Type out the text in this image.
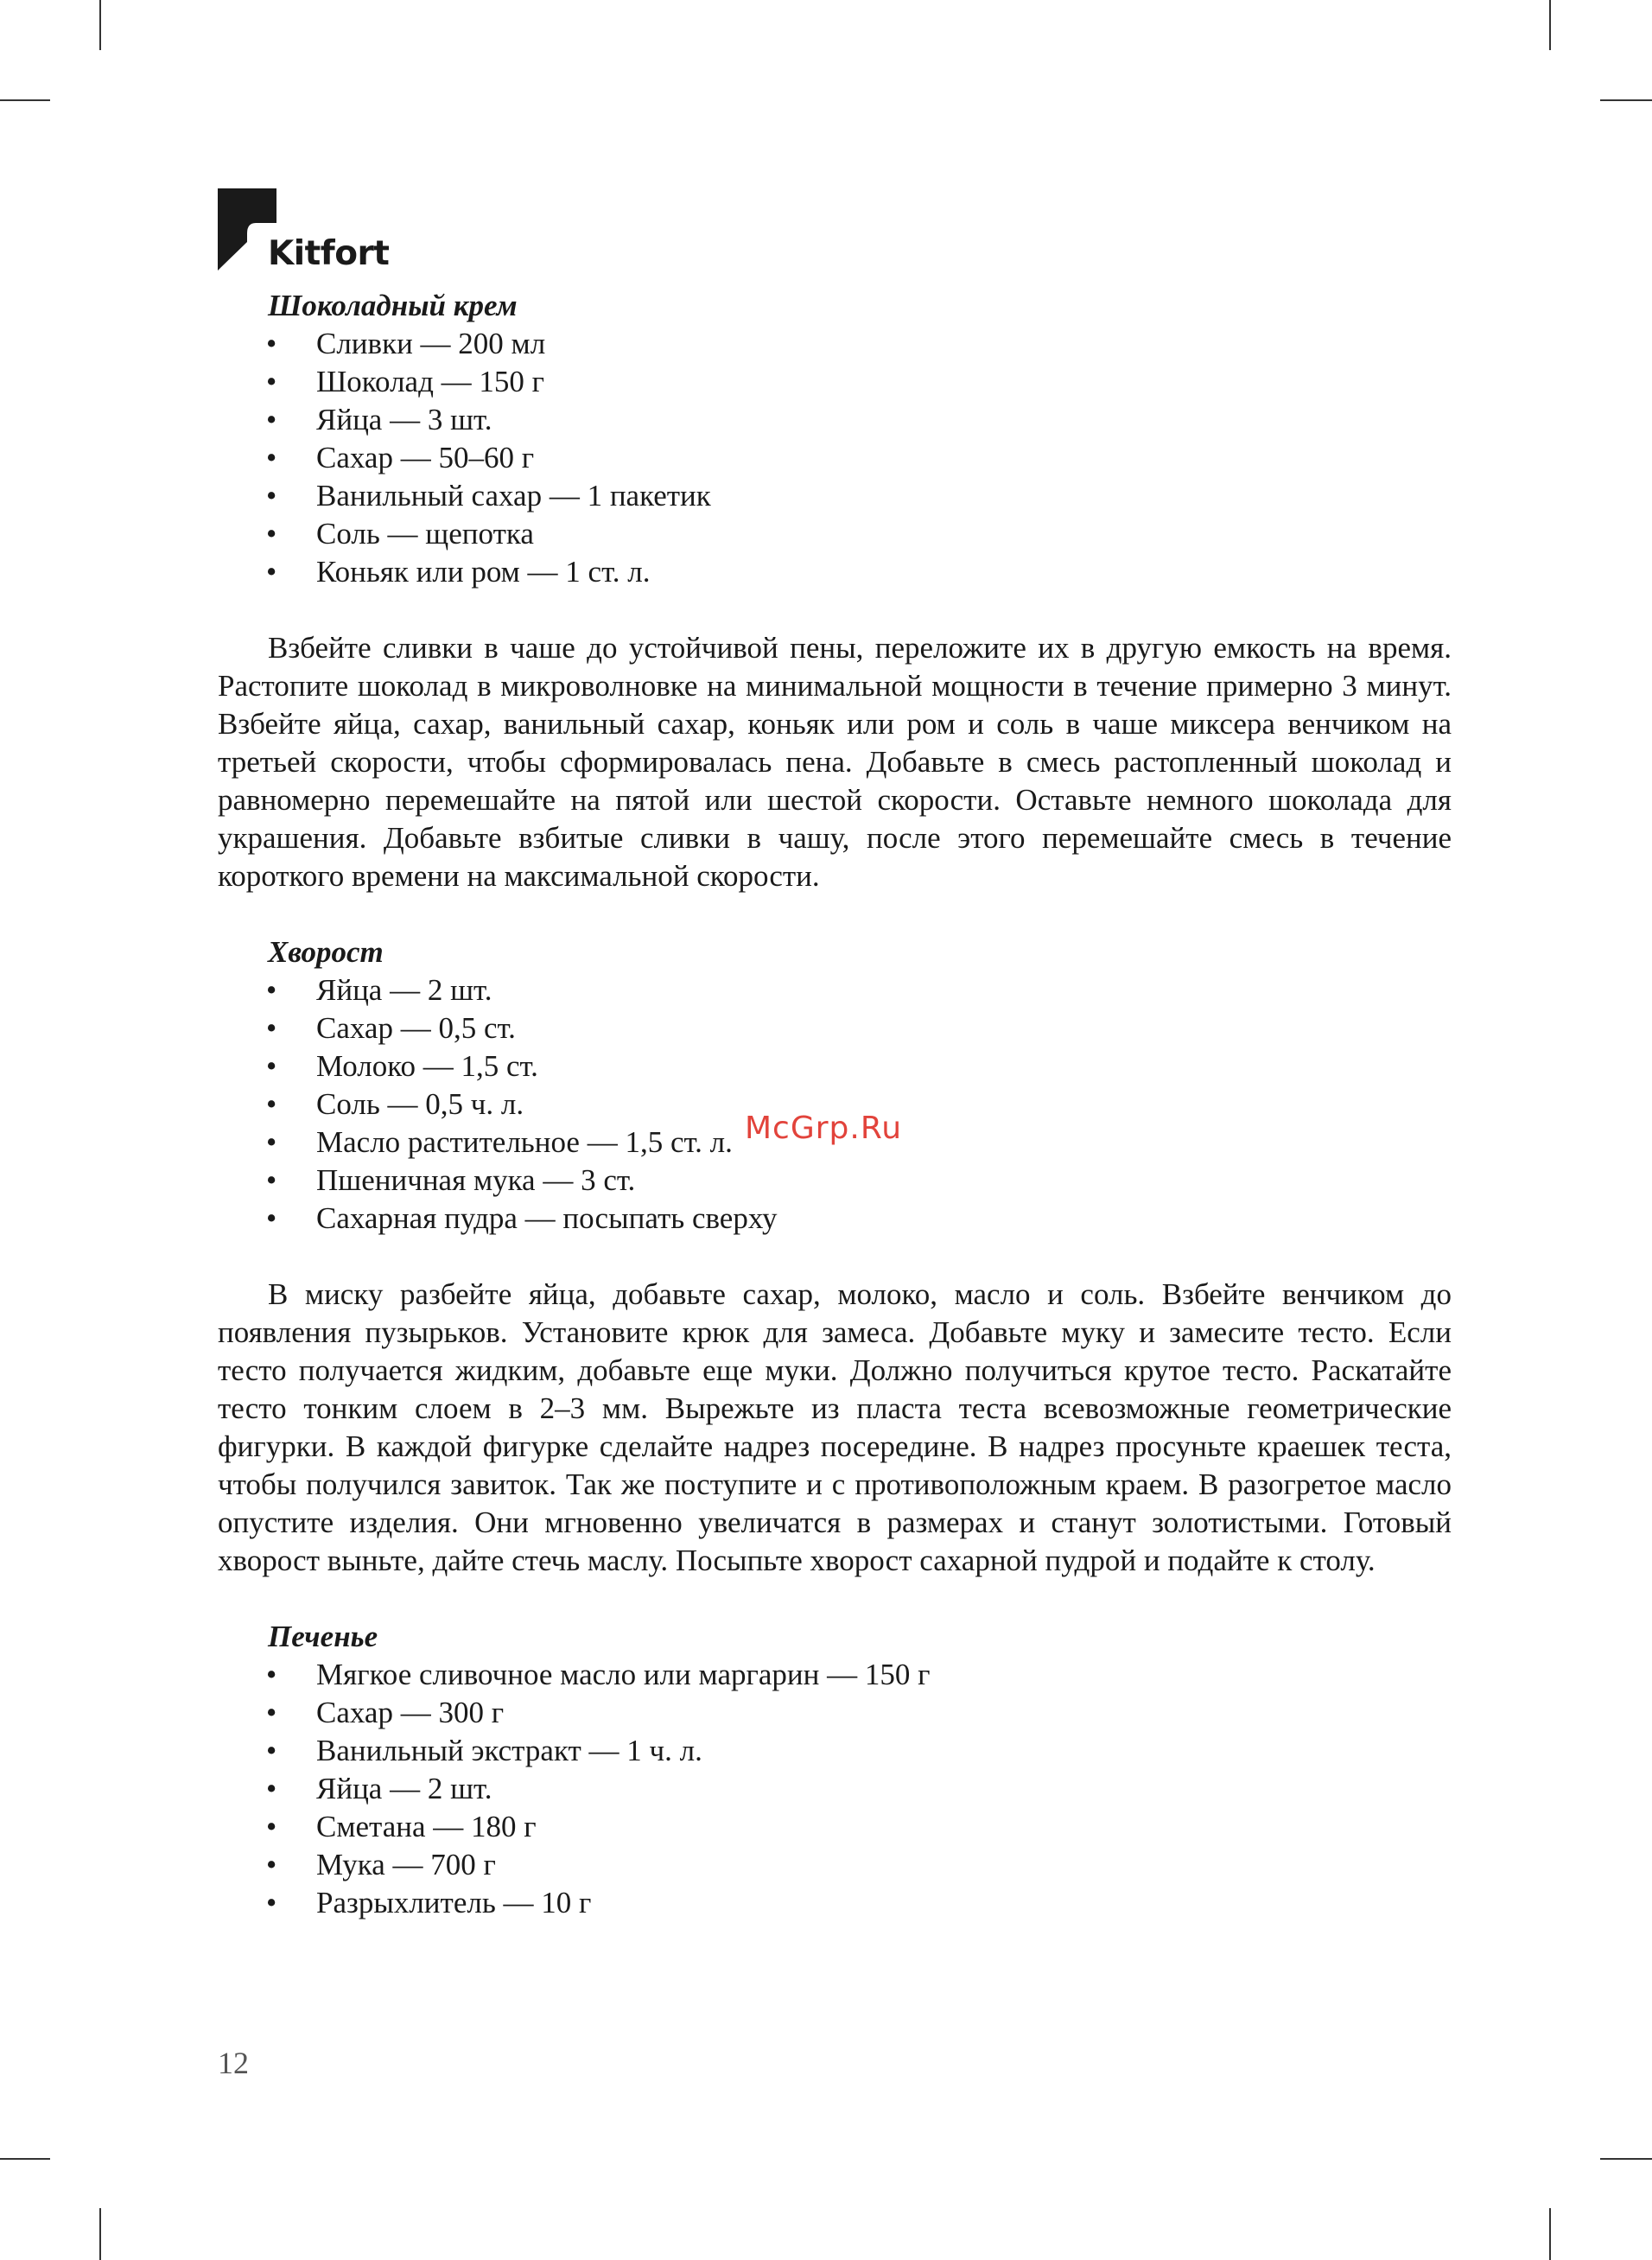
Kitfort
Шоколадный крем
• Сливки — 200 мл
• Шоколад — 150 г
• Яйца — 3 шт.
• Сахар — 50–60 г
• Ванильный сахар — 1 пакетик
• Соль — щепотка
• Коньяк или ром — 1 ст. л.

Взбейте сливки в чаше до устойчивой пены, переложите их в другую емкость на время. Растопите шоколад в микроволновке на минимальной мощности в течение примерно 3 минут. Взбейте яйца, сахар, ванильный сахар, коньяк или ром и соль в чаше миксера венчиком на третьей скорости, чтобы сформировалась пена. Добавьте в смесь растопленный шоколад и равномерно перемешайте на пятой или шестой скорости. Оставьте немного шоколада для украшения. Добавьте взбитые сливки в чашу, после этого перемешайте смесь в течение короткого времени на максимальной скорости.

Хворост
• Яйца — 2 шт.
• Сахар — 0,5 ст.
• Молоко — 1,5 ст.
• Соль — 0,5 ч. л.
• Масло растительное — 1,5 ст. л.
• Пшеничная мука — 3 ст.
• Сахарная пудра — посыпать сверху

В миску разбейте яйца, добавьте сахар, молоко, масло и соль. Взбейте венчиком до появления пузырьков. Установите крюк для замеса. Добавьте муку и замесите тесто. Если тесто получается жидким, добавьте еще муки. Должно получиться крутое тесто. Раскатайте тесто тонким слоем в 2–3 мм. Вырежьте из пласта теста всевозможные геометрические фигурки. В каждой фигурке сделайте надрез посередине. В надрез просуньте краешек теста, чтобы получился завиток. Так же поступите и с противоположным краем. В разогретое масло опустите изделия. Они мгновенно увеличатся в размерах и станут золотистыми. Готовый хворост выньте, дайте стечь маслу. Посыпьте хворост сахарной пудрой и подайте к столу.

Печенье
• Мягкое сливочное масло или маргарин — 150 г
• Сахар — 300 г
• Ванильный экстракт — 1 ч. л.
• Яйца — 2 шт.
• Сметана — 180 г
• Мука — 700 г
• Разрыхлитель — 10 г
McGrp.Ru
12
